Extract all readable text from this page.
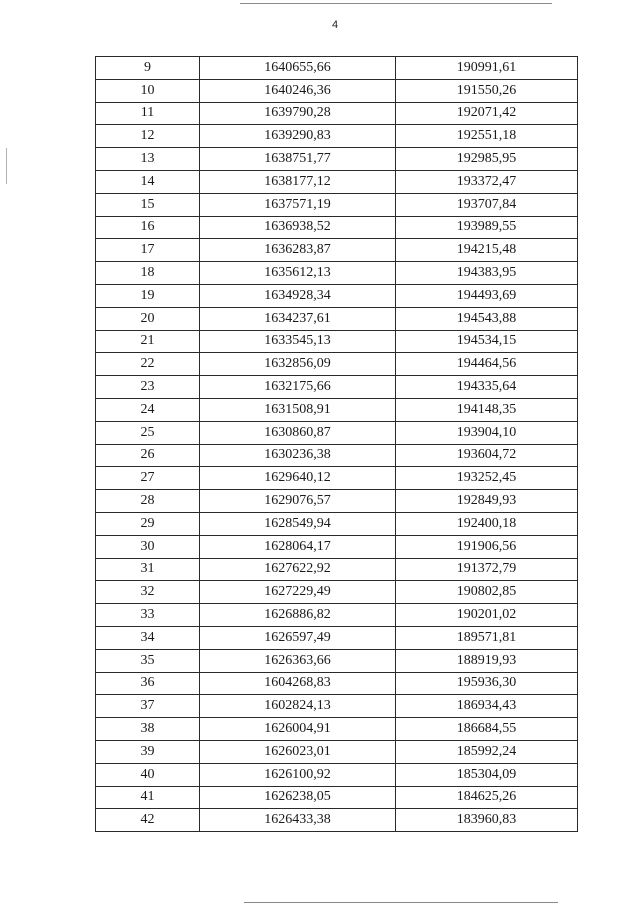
4
9	1640655,66	190991,61
10	1640246,36	191550,26
11	1639790,28	192071,42
12	1639290,83	192551,18
13	1638751,77	192985,95
14	1638177,12	193372,47
15	1637571,19	193707,84
16	1636938,52	193989,55
17	1636283,87	194215,48
18	1635612,13	194383,95
19	1634928,34	194493,69
20	1634237,61	194543,88
21	1633545,13	194534,15
22	1632856,09	194464,56
23	1632175,66	194335,64
24	1631508,91	194148,35
25	1630860,87	193904,10
26	1630236,38	193604,72
27	1629640,12	193252,45
28	1629076,57	192849,93
29	1628549,94	192400,18
30	1628064,17	191906,56
31	1627622,92	191372,79
32	1627229,49	190802,85
33	1626886,82	190201,02
34	1626597,49	189571,81
35	1626363,66	188919,93
36	1604268,83	195936,30
37	1602824,13	186934,43
38	1626004,91	186684,55
39	1626023,01	185992,24
40	1626100,92	185304,09
41	1626238,05	184625,26
42	1626433,38	183960,83
